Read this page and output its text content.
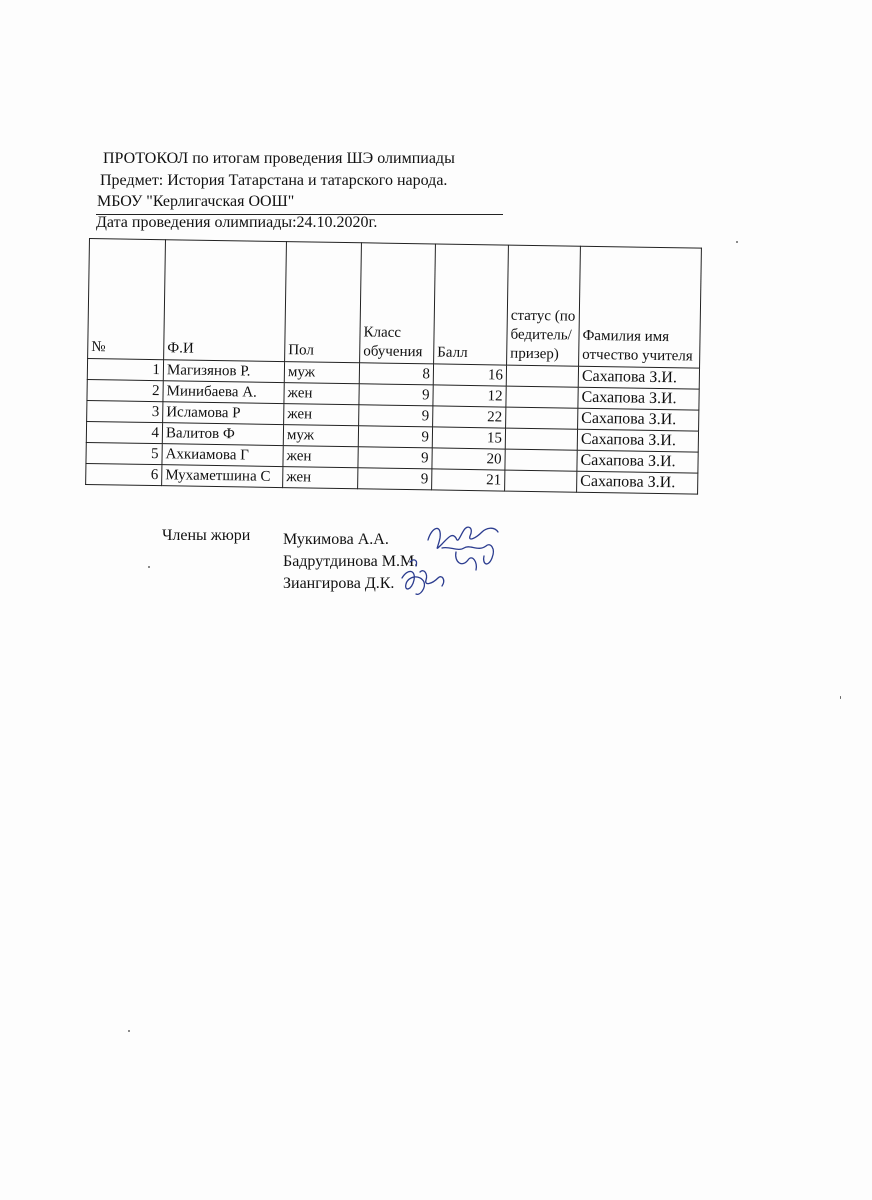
ПРОТОКОЛ по итогам проведения ШЭ олимпиады
Предмет: История Татарстана и татарского народа.
МБОУ "Керлигачская ООШ"
Дата проведения олимпиады:24.10.2020г.
№	Ф.И	Пол	Класс обучения	Балл	статус (победитель/призер)	Фамилия имя отчество учителя
1	Магизянов Р.	муж	8	16		Сахапова З.И.
2	Минибаева А.	жен	9	12		Сахапова З.И.
3	Исламова Р	жен	9	22		Сахапова З.И.
4	Валитов Ф	муж	9	15		Сахапова З.И.
5	Ахкиамова Г	жен	9	20		Сахапова З.И.
6	Мухаметшина С	жен	9	21		Сахапова З.И.
Члены жюри Мукимова А.А.
Бадрутдинова М.М.
Зиангирова Д.К.
